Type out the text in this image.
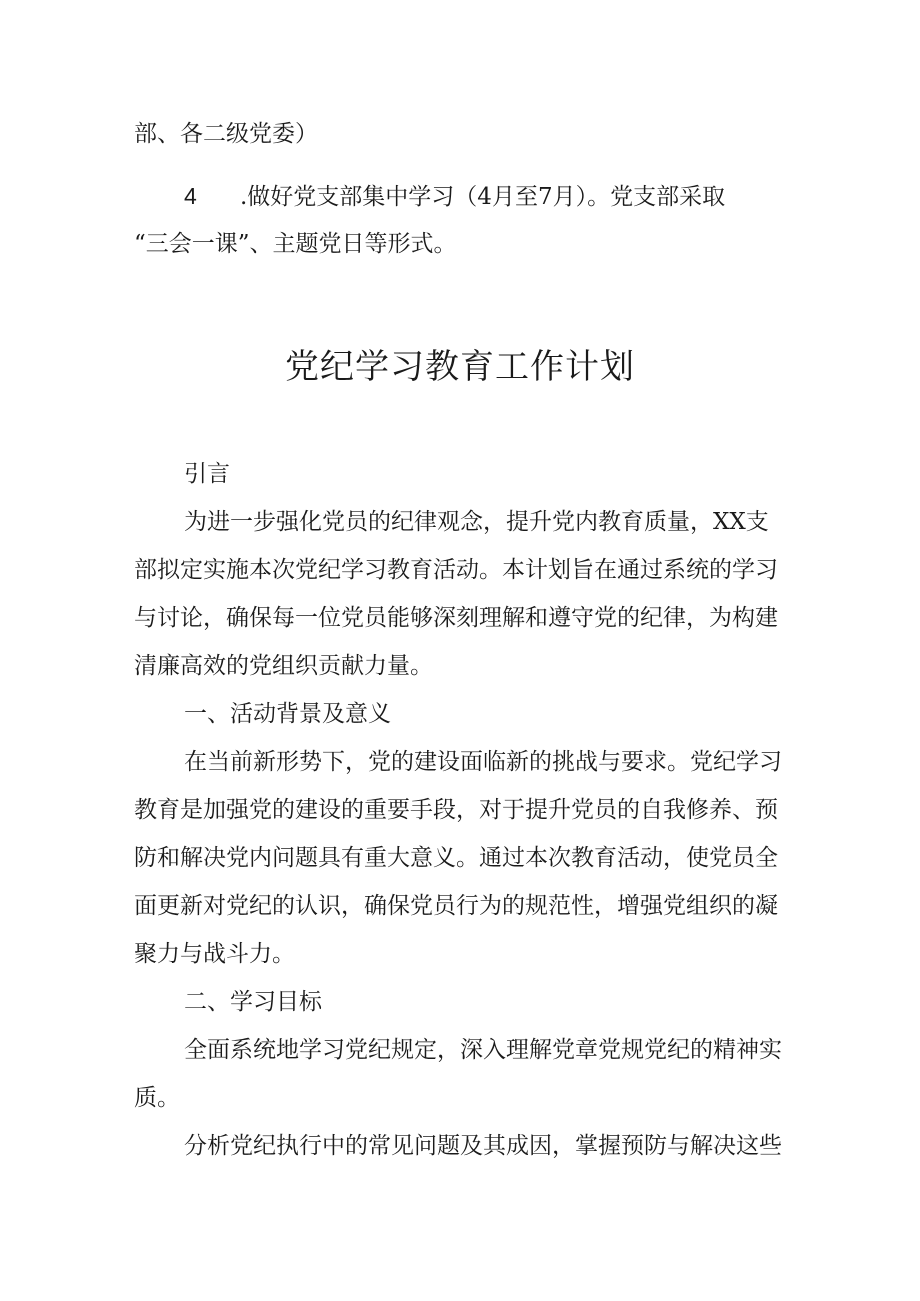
部、各二级党委）
4 .做好党支部集中学习（4月至7月）。党支部采取
“三会一课”、主题党日等形式。
党纪学习教育工作计划
引言
为进一步强化党员的纪律观念，提升党内教育质量，XX支
部拟定实施本次党纪学习教育活动。本计划旨在通过系统的学习
与讨论，确保每一位党员能够深刻理解和遵守党的纪律，为构建
清廉高效的党组织贡献力量。
一、活动背景及意义
在当前新形势下，党的建设面临新的挑战与要求。党纪学习
教育是加强党的建设的重要手段，对于提升党员的自我修养、预
防和解决党内问题具有重大意义。通过本次教育活动，使党员全
面更新对党纪的认识，确保党员行为的规范性，增强党组织的凝
聚力与战斗力。
二、学习目标
全面系统地学习党纪规定，深入理解党章党规党纪的精神实
质。
分析党纪执行中的常见问题及其成因，掌握预防与解决这些
